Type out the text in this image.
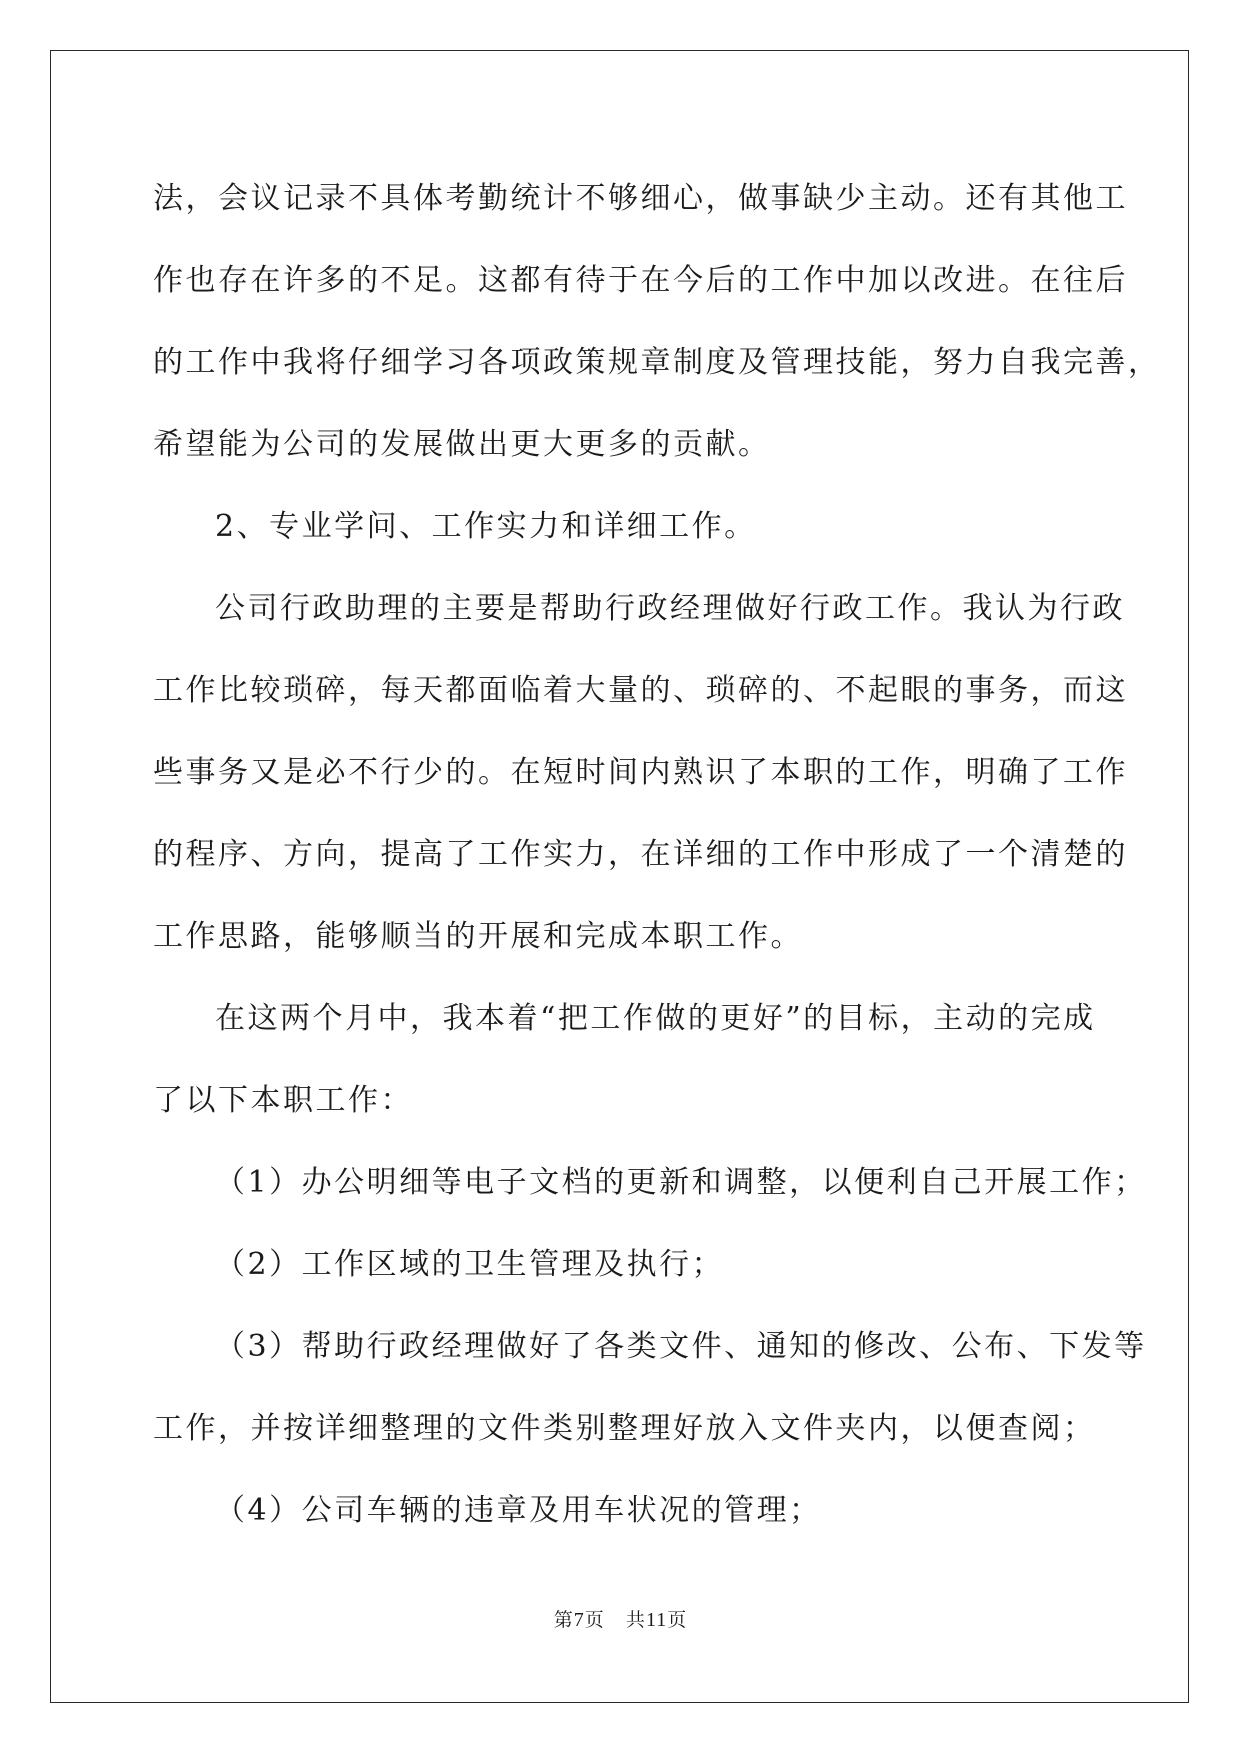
法，会议记录不具体考勤统计不够细心，做事缺少主动。还有其他工

作也存在许多的不足。这都有待于在今后的工作中加以改进。在往后

的工作中我将仔细学习各项政策规章制度及管理技能，努力自我完善，

希望能为公司的发展做出更大更多的贡献。

2、专业学问、工作实力和详细工作。

公司行政助理的主要是帮助行政经理做好行政工作。我认为行政

工作比较琐碎，每天都面临着大量的、琐碎的、不起眼的事务，而这

些事务又是必不行少的。在短时间内熟识了本职的工作，明确了工作

的程序、方向，提高了工作实力，在详细的工作中形成了一个清楚的

工作思路，能够顺当的开展和完成本职工作。

在这两个月中，我本着“把工作做的更好”的目标，主动的完成

了以下本职工作：

（1）办公明细等电子文档的更新和调整，以便利自己开展工作；

（2）工作区域的卫生管理及执行；

（3）帮助行政经理做好了各类文件、通知的修改、公布、下发等

工作，并按详细整理的文件类别整理好放入文件夹内，以便查阅；

（4）公司车辆的违章及用车状况的管理；

第7页 共11页
